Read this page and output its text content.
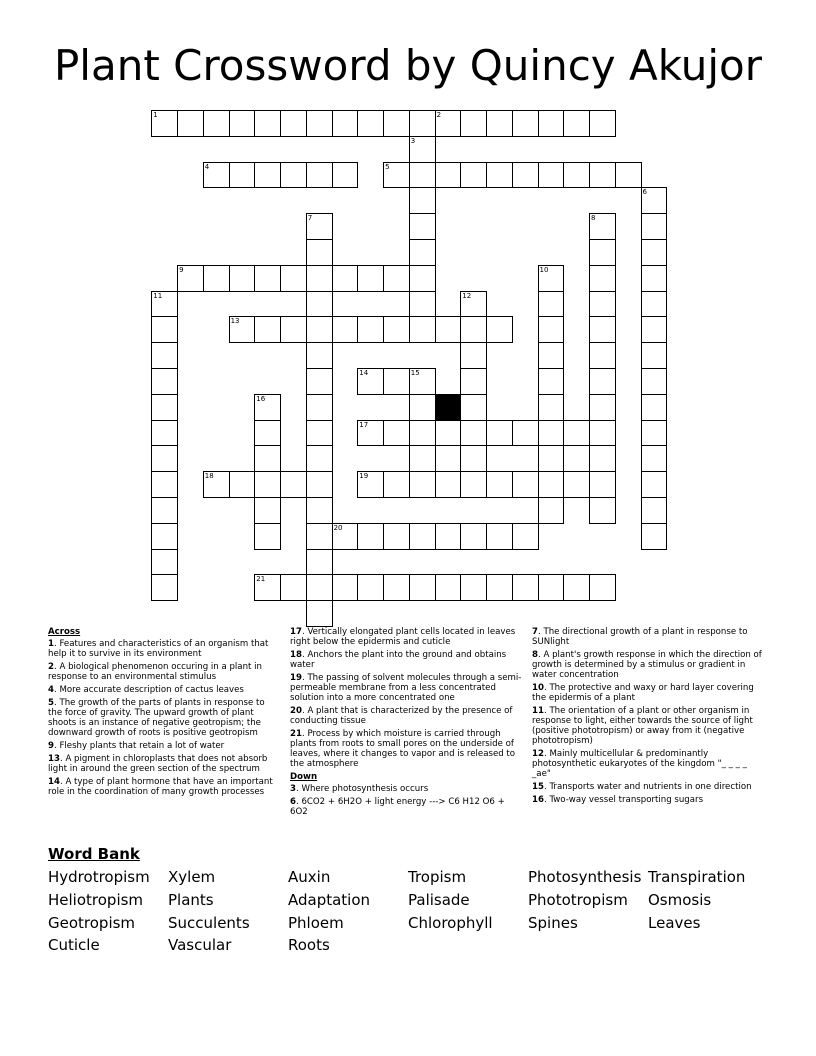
Plant Crossword by Quincy Akujor
1	2
3
4	5
6
7	8
9	10
11	12
13
14	15
16
17
18	19
20
21
Across
1. Features and characteristics of an organism that help it to survive in its environment
2. A biological phenomenon occuring in a plant in response to an environmental stimulus
4. More accurate description of cactus leaves
5. The growth of the parts of plants in response to the force of gravity. The upward growth of plant shoots is an instance of negative geotropism; the downward growth of roots is positive geotropism
9. Fleshy plants that retain a lot of water
13. A pigment in chloroplasts that does not absorb light in around the green section of the spectrum
14. A type of plant hormone that have an important role in the coordination of many growth processes
17. Vertically elongated plant cells located in leaves right below the epidermis and cuticle
18. Anchors the plant into the ground and obtains water
19. The passing of solvent molecules through a semi-permeable membrane from a less concentrated solution into a more concentrated one
20. A plant that is characterized by the presence of conducting tissue
21. Process by which moisture is carried through plants from roots to small pores on the underside of leaves, where it changes to vapor and is released to the atmosphere
Down
3. Where photosynthesis occurs
6. 6CO2 + 6H2O + light energy ---> C6 H12 O6 + 6O2
7. The directional growth of a plant in response to SUNlight
8. A plant's growth response in which the direction of growth is determined by a stimulus or gradient in water concentration
10. The protective and waxy or hard layer covering the epidermis of a plant
11. The orientation of a plant or other organism in response to light, either towards the source of light (positive phototropism) or away from it (negative phototropism)
12. Mainly multicellular & predominantly photosynthetic eukaryotes of the kingdom "_ _ _ _ _ae"
15. Transports water and nutrients in one direction
16. Two-way vessel transporting sugars
Word Bank
Hydrotropism Xylem	Auxin	Tropism	Photosynthesis Transpiration
Heliotropism Plants	Adaptation	Palisade	Phototropism Osmosis
Geotropism Succulents	Phloem	Chlorophyll Spines	Leaves
Cuticle	Vascular	Roots
